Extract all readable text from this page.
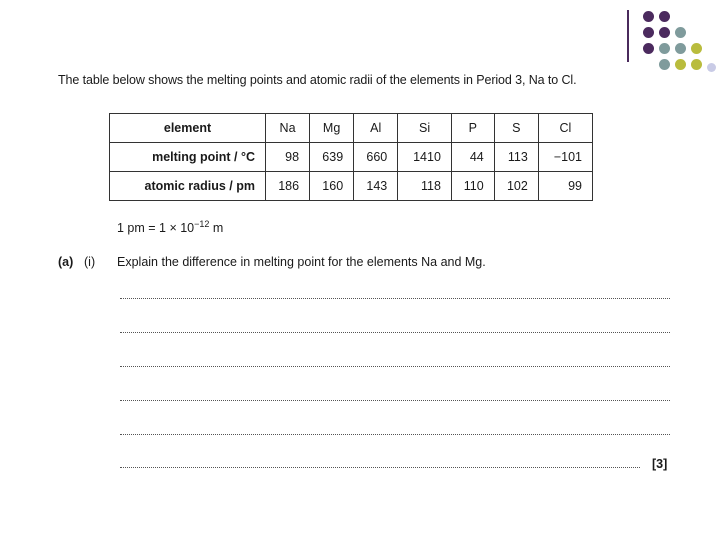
The table below shows the melting points and atomic radii of the elements in Period 3, Na to Cl.
element	Na	Mg	Al	Si	P	S	Cl
melting point / °C	98	639	660	1410	44	113	−101
atomic radius / pm	186	160	143	118	110	102	99
1 pm = $1 \times 10^{-12}$ m
(a) (i) Explain the difference in melting point for the elements Na and Mg.
[3]
